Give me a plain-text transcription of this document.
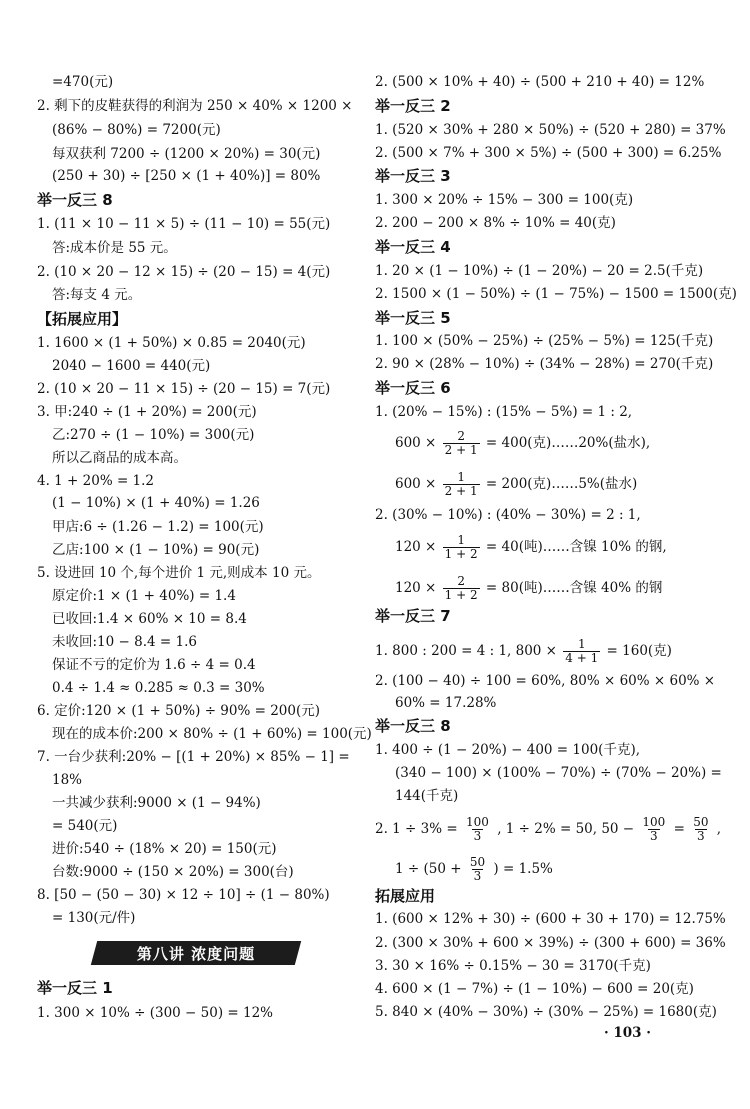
=470(元)
2. 剩下的皮鞋获得的利润为 250 × 40% × 1200 ×
(86% − 80%) = 7200(元)
每双获利 7200 ÷ (1200 × 20%) = 30(元)
(250 + 30) ÷ [250 × (1 + 40%)] = 80%
举一反三 8
1. (11 × 10 − 11 × 5) ÷ (11 − 10) = 55(元)
答:成本价是 55 元。
2. (10 × 20 − 12 × 15) ÷ (20 − 15) = 4(元)
答:每支 4 元。
【拓展应用】
1. 1600 × (1 + 50%) × 0.85 = 2040(元)
2040 − 1600 = 440(元)
2. (10 × 20 − 11 × 15) ÷ (20 − 15) = 7(元)
3. 甲:240 ÷ (1 + 20%) = 200(元)
乙:270 ÷ (1 − 10%) = 300(元)
所以乙商品的成本高。
4. 1 + 20% = 1.2
(1 − 10%) × (1 + 40%) = 1.26
甲店:6 ÷ (1.26 − 1.2) = 100(元)
乙店:100 × (1 − 10%) = 90(元)
5. 设进回 10 个,每个进价 1 元,则成本 10 元。
原定价:1 × (1 + 40%) = 1.4
已收回:1.4 × 60% × 10 = 8.4
未收回:10 − 8.4 = 1.6
保证不亏的定价为 1.6 ÷ 4 = 0.4
0.4 ÷ 1.4 ≈ 0.285 ≈ 0.3 = 30%
6. 定价:120 × (1 + 50%) ÷ 90% = 200(元)
现在的成本价:200 × 80% ÷ (1 + 60%) = 100(元)
7. 一台少获利:20% − [(1 + 20%) × 85% − 1] =
18%
一共减少获利:9000 × (1 − 94%)
= 540(元)
进价:540 ÷ (18% × 20) = 150(元)
台数:9000 ÷ (150 × 20%) = 300(台)
8. [50 − (50 − 30) × 12 ÷ 10] ÷ (1 − 80%)
= 130(元/件)
第八讲 浓度问题
举一反三 1
1. 300 × 10% ÷ (300 − 50) = 12%
2. (500 × 10% + 40) ÷ (500 + 210 + 40) = 12%
举一反三 2
1. (520 × 30% + 280 × 50%) ÷ (520 + 280) = 37%
2. (500 × 7% + 300 × 5%) ÷ (500 + 300) = 6.25%
举一反三 3
1. 300 × 20% ÷ 15% − 300 = 100(克)
2. 200 − 200 × 8% ÷ 10% = 40(克)
举一反三 4
1. 20 × (1 − 10%) ÷ (1 − 20%) − 20 = 2.5(千克)
2. 1500 × (1 − 50%) ÷ (1 − 75%) − 1500 = 1500(克)
举一反三 5
1. 100 × (50% − 25%) ÷ (25% − 5%) = 125(千克)
2. 90 × (28% − 10%) ÷ (34% − 28%) = 270(千克)
举一反三 6
1. (20% − 15%) : (15% − 5%) = 1 : 2,
$600 \times \frac{2}{2 + 1} = 400$(克)……20%(盐水),
$600 \times \frac{1}{2 + 1} = 200$(克)……5%(盐水)
2. (30% − 10%) : (40% − 30%) = 2 : 1,
$120 \times \frac{1}{1 + 2} = 40$(吨)……含镍 10% 的钢,
$120 \times \frac{2}{1 + 2} = 80$(吨)……含镍 40% 的钢
举一反三 7
1. 800 : 200 = 4 : 1, $800 \times \frac{1}{4 + 1} = 160$(克)
2. (100 − 40) ÷ 100 = 60%, 80% × 60% × 60% ×
60% = 17.28%
举一反三 8
1. 400 ÷ (1 − 20%) − 400 = 100(千克),
(340 − 100) × (100% − 70%) ÷ (70% − 20%) =
144(千克)
2. $1 \div 3\% = \frac{100}{3}$ , 1 ÷ 2% = 50, $50 - \frac{100}{3} = \frac{50}{3}$ ,
$1 \div (50 + \frac{50}{3}$ ) = 1.5%
拓展应用
1. (600 × 12% + 30) ÷ (600 + 30 + 170) = 12.75%
2. (300 × 30% + 600 × 39%) ÷ (300 + 600) = 36%
3. 30 × 16% ÷ 0.15% − 30 = 3170(千克)
4. 600 × (1 − 7%) ÷ (1 − 10%) − 600 = 20(克)
5. 840 × (40% − 30%) ÷ (30% − 25%) = 1680(克)
· 103 ·
